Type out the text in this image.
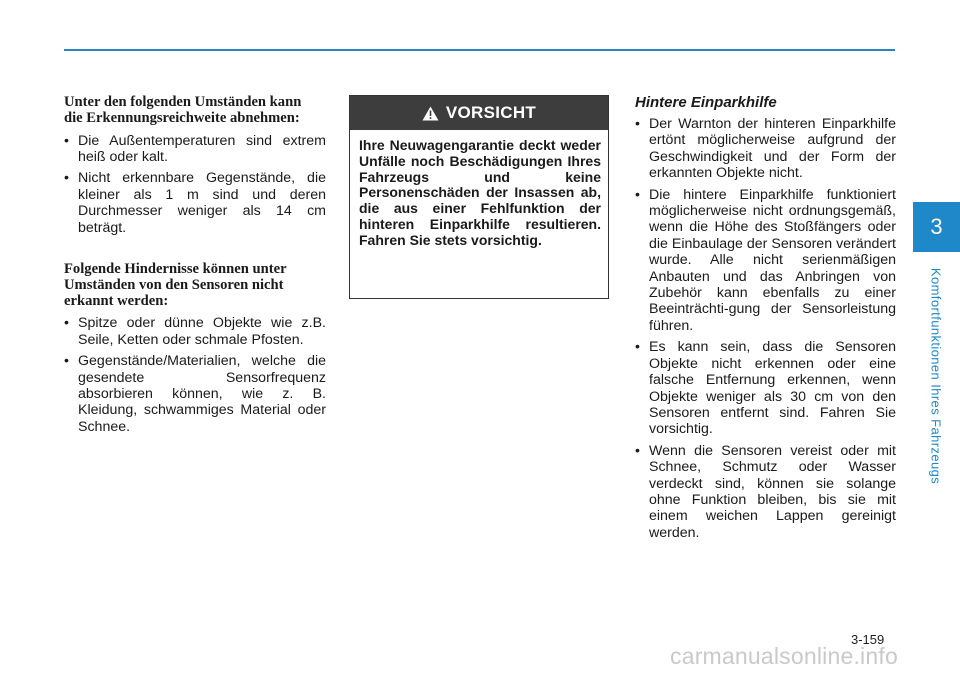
3
Komfortfunktionen Ihres Fahrzeugs

Unter den folgenden Umständen kann die Erkennungsreichweite abnehmen:

• Die Außentemperaturen sind extrem heiß oder kalt.
• Nicht erkennbare Gegenstände, die kleiner als 1 m sind und deren Durchmesser weniger als 14 cm beträgt.

Folgende Hindernisse können unter Umständen von den Sensoren nicht erkannt werden:

• Spitze oder dünne Objekte wie z.B. Seile, Ketten oder schmale Pfosten.
• Gegenstände/Materialien, welche die gesendete Sensorfrequenz absorbieren können, wie z. B. Kleidung, schwammiges Material oder Schnee.
VORSICHT
Ihre Neuwagengarantie deckt weder Unfälle noch Beschädigungen Ihres Fahrzeugs und keine Personenschäden der Insassen ab, die aus einer Fehlfunktion der hinteren Einparkhilfe resultieren. Fahren Sie stets vorsichtig.

Hintere Einparkhilfe

• Der Warnton der hinteren Einparkhilfe ertönt möglicherweise aufgrund der Geschwindigkeit und der Form der erkannten Objekte nicht.
• Die hintere Einparkhilfe funktioniert möglicherweise nicht ordnungsgemäß, wenn die Höhe des Stoßfängers oder die Einbaulage der Sensoren verändert wurde. Alle nicht serienmäßigen Anbauten und das Anbringen von Zubehör kann ebenfalls zu einer Beeinträchti-gung der Sensorleistung führen.
• Es kann sein, dass die Sensoren Objekte nicht erkennen oder eine falsche Entfernung erkennen, wenn Objekte weniger als 30 cm von den Sensoren entfernt sind. Fahren Sie vorsichtig.
• Wenn die Sensoren vereist oder mit Schnee, Schmutz oder Wasser verdeckt sind, können sie solange ohne Funktion bleiben, bis sie mit einem weichen Lappen gereinigt werden.
3-159
carmanualsonline.info
